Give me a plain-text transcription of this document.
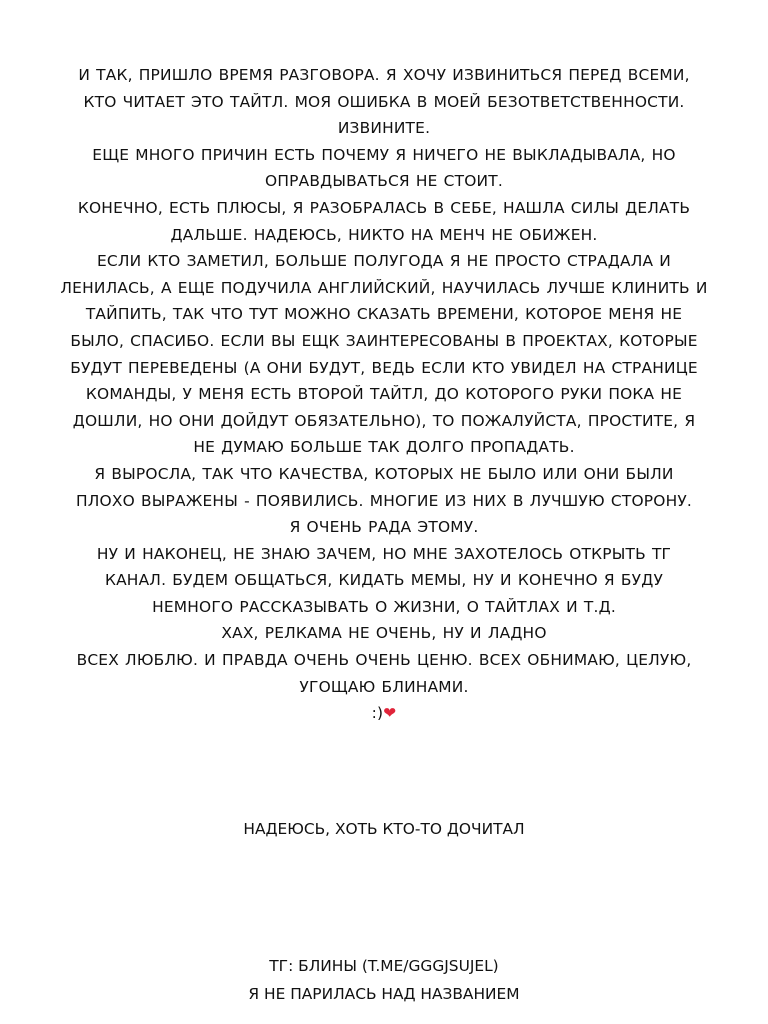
И ТАК, ПРИШЛО ВРЕМЯ РАЗГОВОРА. Я ХОЧУ ИЗВИНИТЬСЯ ПЕРЕД ВСЕМИ,
КТО ЧИТАЕТ ЭТО ТАЙТЛ. МОЯ ОШИБКА В МОЕЙ БЕЗОТВЕТСТВЕННОСТИ.
ИЗВИНИТЕ.
ЕЩЕ МНОГО ПРИЧИН ЕСТЬ ПОЧЕМУ Я НИЧЕГО НЕ ВЫКЛАДЫВАЛА, НО
ОПРАВДЫВАТЬСЯ НЕ СТОИТ.
КОНЕЧНО, ЕСТЬ ПЛЮСЫ, Я РАЗОБРАЛАСЬ В СЕБЕ, НАШЛА СИЛЫ ДЕЛАТЬ
ДАЛЬШЕ. НАДЕЮСЬ, НИКТО НА МЕНЧ НЕ ОБИЖЕН.
ЕСЛИ КТО ЗАМЕТИЛ, БОЛЬШЕ ПОЛУГОДА Я НЕ ПРОСТО СТРАДАЛА И
ЛЕНИЛАСЬ, А ЕЩЕ ПОДУЧИЛА АНГЛИЙСКИЙ, НАУЧИЛАСЬ ЛУЧШЕ КЛИНИТЬ И
ТАЙПИТЬ, ТАК ЧТО ТУТ МОЖНО СКАЗАТЬ ВРЕМЕНИ, КОТОРОЕ МЕНЯ НЕ
БЫЛО, СПАСИБО. ЕСЛИ ВЫ ЕЩК ЗАИНТЕРЕСОВАНЫ В ПРОЕКТАХ, КОТОРЫЕ
БУДУТ ПЕРЕВЕДЕНЫ (А ОНИ БУДУТ, ВЕДЬ ЕСЛИ КТО УВИДЕЛ НА СТРАНИЦЕ
КОМАНДЫ, У МЕНЯ ЕСТЬ ВТОРОЙ ТАЙТЛ, ДО КОТОРОГО РУКИ ПОКА НЕ
ДОШЛИ, НО ОНИ ДОЙДУТ ОБЯЗАТЕЛЬНО), ТО ПОЖАЛУЙСТА, ПРОСТИТЕ, Я
НЕ ДУМАЮ БОЛЬШЕ ТАК ДОЛГО ПРОПАДАТЬ.
Я ВЫРОСЛА, ТАК ЧТО КАЧЕСТВА, КОТОРЫХ НЕ БЫЛО ИЛИ ОНИ БЫЛИ
ПЛОХО ВЫРАЖЕНЫ - ПОЯВИЛИСЬ. МНОГИЕ ИЗ НИХ В ЛУЧШУЮ СТОРОНУ.
Я ОЧЕНЬ РАДА ЭТОМУ.
НУ И НАКОНЕЦ, НЕ ЗНАЮ ЗАЧЕМ, НО МНЕ ЗАХОТЕЛОСЬ ОТКРЫТЬ ТГ
КАНАЛ. БУДЕМ ОБЩАТЬСЯ, КИДАТЬ МЕМЫ, НУ И КОНЕЧНО Я БУДУ
НЕМНОГО РАССКАЗЫВАТЬ О ЖИЗНИ, О ТАЙТЛАХ И Т.Д.
ХАХ, РЕЛКАМА НЕ ОЧЕНЬ, НУ И ЛАДНО
ВСЕХ ЛЮБЛЮ. И ПРАВДА ОЧЕНЬ ОЧЕНЬ ЦЕНЮ. ВСЕХ ОБНИМАЮ, ЦЕЛУЮ,
УГОЩАЮ БЛИНАМИ.
:)❤
НАДЕЮСЬ, ХОТЬ КТО-ТО ДОЧИТАЛ
ТГ: БЛИНЫ (T.ME/GGGJSUJEL)
Я НЕ ПАРИЛАСЬ НАД НАЗВАНИЕМ
